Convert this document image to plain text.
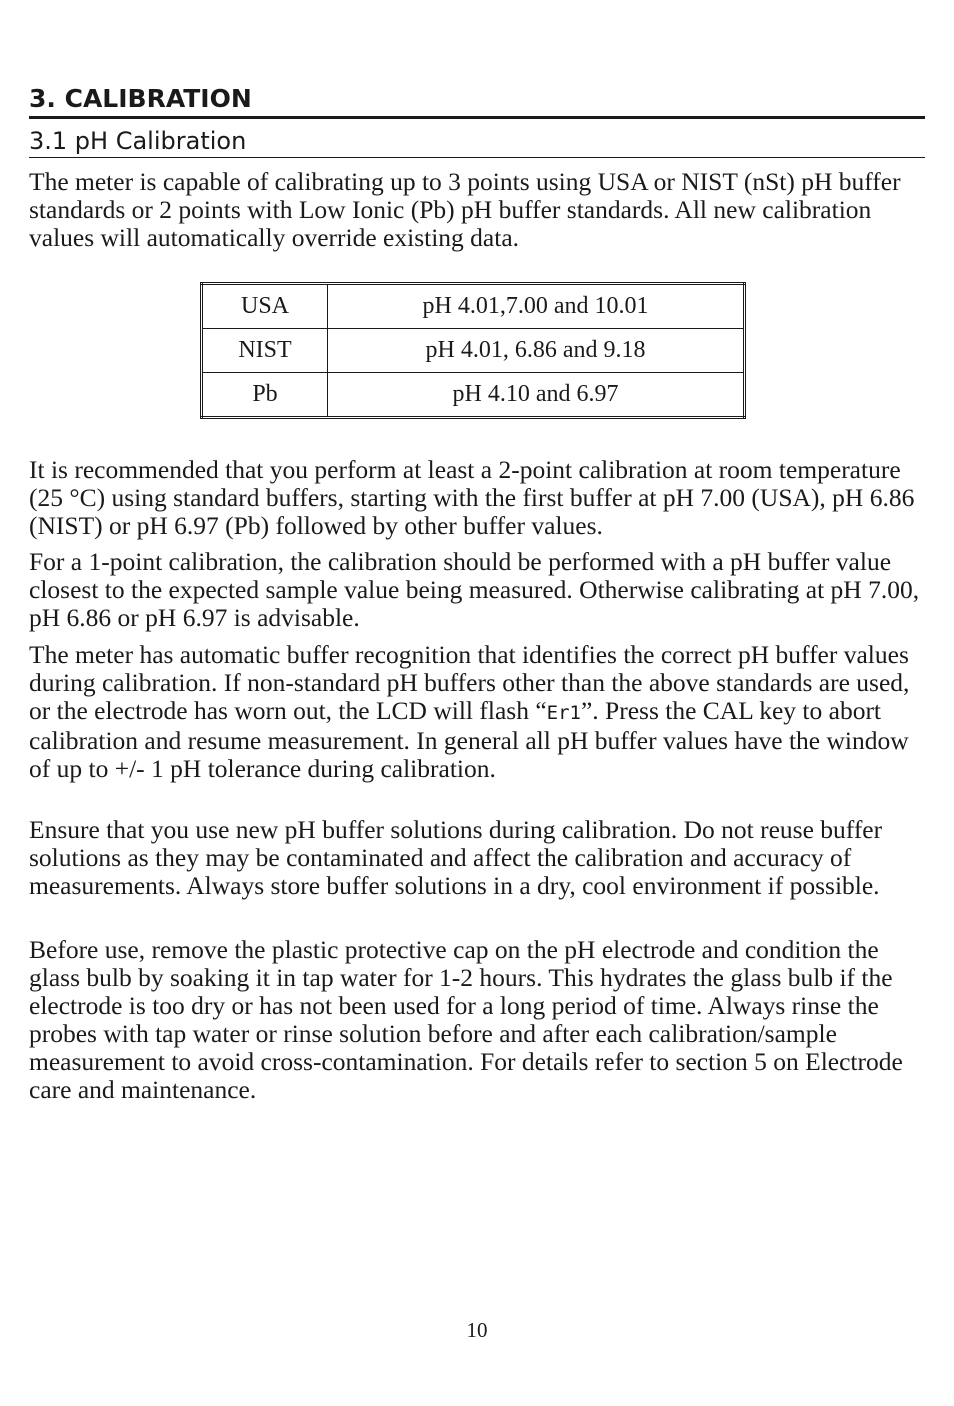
3. CALIBRATION
3.1 pH Calibration

The meter is capable of calibrating up to 3 points using USA or NIST (nSt) pH buffer standards or 2 points with Low Ionic (Pb) pH buffer standards. All new calibration values will automatically override existing data.

USA	pH 4.01,7.00 and 10.01
NIST	pH 4.01, 6.86 and 9.18
Pb	pH 4.10 and 6.97

It is recommended that you perform at least a 2-point calibration at room temperature (25 °C) using standard buffers, starting with the first buffer at pH 7.00 (USA), pH 6.86 (NIST) or pH 6.97 (Pb) followed by other buffer values.

For a 1-point calibration, the calibration should be performed with a pH buffer value closest to the expected sample value being measured. Otherwise calibrating at pH 7.00, pH 6.86 or pH 6.97 is advisable.

The meter has automatic buffer recognition that identifies the correct pH buffer values during calibration. If non-standard pH buffers other than the above standards are used, or the electrode has worn out, the LCD will flash “Er1”. Press the CAL key to abort calibration and resume measurement. In general all pH buffer values have the window of up to +/- 1 pH tolerance during calibration.

Ensure that you use new pH buffer solutions during calibration. Do not reuse buffer solutions as they may be contaminated and affect the calibration and accuracy of measurements. Always store buffer solutions in a dry, cool environment if possible.

Before use, remove the plastic protective cap on the pH electrode and condition the glass bulb by soaking it in tap water for 1-2 hours. This hydrates the glass bulb if the electrode is too dry or has not been used for a long period of time. Always rinse the probes with tap water or rinse solution before and after each calibration/sample measurement to avoid cross-contamination. For details refer to section 5 on Electrode care and maintenance.

10
